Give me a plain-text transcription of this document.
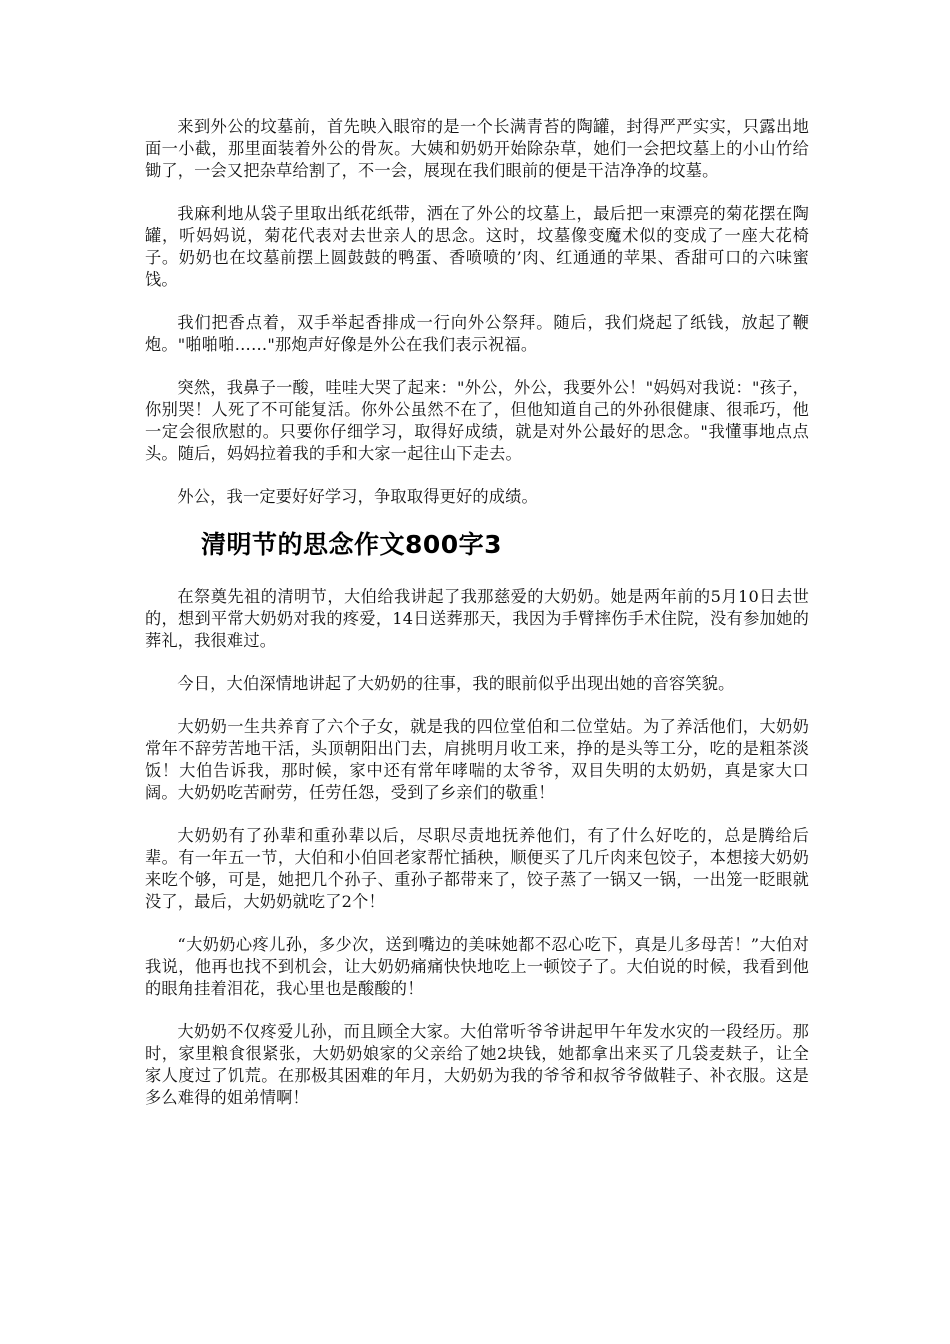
来到外公的坟墓前，首先映入眼帘的是一个长满青苔的陶罐，封得严严实实，只露出地面一小截，那里面装着外公的骨灰。大姨和奶奶开始除杂草，她们一会把坟墓上的小山竹给锄了，一会又把杂草给割了，不一会，展现在我们眼前的便是干洁净净的坟墓。

我麻利地从袋子里取出纸花纸带，洒在了外公的坟墓上，最后把一束漂亮的菊花摆在陶罐，听妈妈说，菊花代表对去世亲人的思念。这时，坟墓像变魔术似的变成了一座大花椅子。奶奶也在坟墓前摆上圆鼓鼓的鸭蛋、香喷喷的’肉、红通通的苹果、香甜可口的六味蜜饯。

我们把香点着，双手举起香排成一行向外公祭拜。随后，我们烧起了纸钱，放起了鞭炮。"啪啪啪……"那炮声好像是外公在我们表示祝福。

突然，我鼻子一酸，哇哇大哭了起来："外公，外公，我要外公！"妈妈对我说："孩子，你别哭！人死了不可能复活。你外公虽然不在了，但他知道自己的外孙很健康、很乖巧，他一定会很欣慰的。只要你仔细学习，取得好成绩，就是对外公最好的思念。"我懂事地点点头。随后，妈妈拉着我的手和大家一起往山下走去。

外公，我一定要好好学习，争取取得更好的成绩。

清明节的思念作文800字3

在祭奠先祖的清明节，大伯给我讲起了我那慈爱的大奶奶。她是两年前的5月10日去世的，想到平常大奶奶对我的疼爱，14日送葬那天，我因为手臂摔伤手术住院，没有参加她的葬礼，我很难过。

今日，大伯深情地讲起了大奶奶的往事，我的眼前似乎出现出她的音容笑貌。

大奶奶一生共养育了六个子女，就是我的四位堂伯和二位堂姑。为了养活他们，大奶奶常年不辞劳苦地干活，头顶朝阳出门去，肩挑明月收工来，挣的是头等工分，吃的是粗茶淡饭！大伯告诉我，那时候，家中还有常年哮喘的太爷爷，双目失明的太奶奶，真是家大口阔。大奶奶吃苦耐劳，任劳任怨，受到了乡亲们的敬重！

大奶奶有了孙辈和重孙辈以后，尽职尽责地抚养他们，有了什么好吃的，总是腾给后辈。有一年五一节，大伯和小伯回老家帮忙插秧，顺便买了几斤肉来包饺子，本想接大奶奶来吃个够，可是，她把几个孙子、重孙子都带来了，饺子蒸了一锅又一锅，一出笼一眨眼就没了，最后，大奶奶就吃了2个！

“大奶奶心疼儿孙，多少次，送到嘴边的美味她都不忍心吃下，真是儿多母苦！”大伯对我说，他再也找不到机会，让大奶奶痛痛快快地吃上一顿饺子了。大伯说的时候，我看到他的眼角挂着泪花，我心里也是酸酸的！

大奶奶不仅疼爱儿孙，而且顾全大家。大伯常听爷爷讲起甲午年发水灾的一段经历。那时，家里粮食很紧张，大奶奶娘家的父亲给了她2块钱，她都拿出来买了几袋麦麸子，让全家人度过了饥荒。在那极其困难的年月，大奶奶为我的爷爷和叔爷爷做鞋子、补衣服。这是多么难得的姐弟情啊！
